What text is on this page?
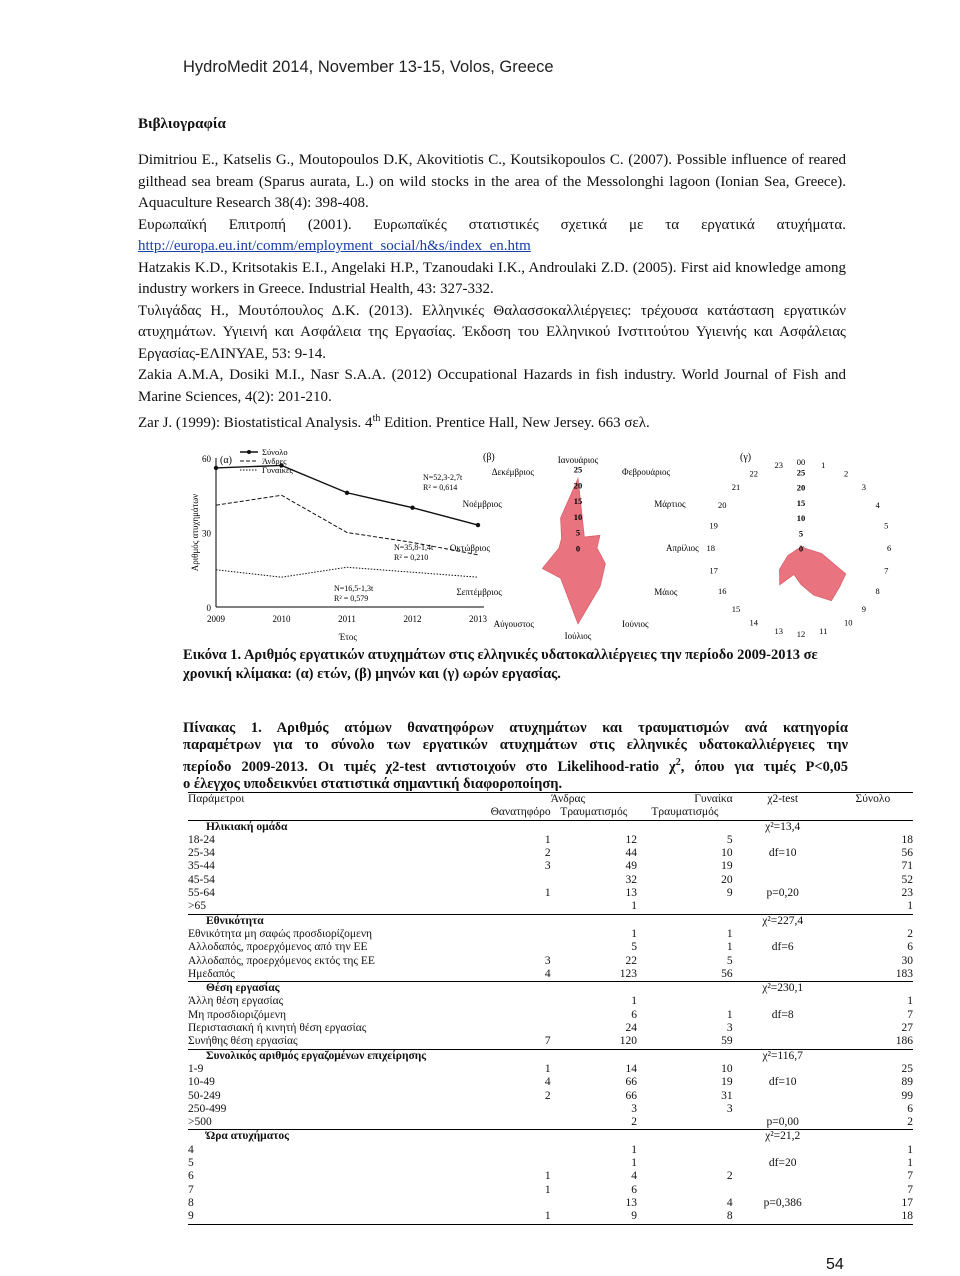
HydroMedit 2014, November 13-15, Volos, Greece
Βιβλιογραφία

Dimitriou E., Katselis G., Moutopoulos D.K, Akovitiotis C., Koutsikopoulos C. (2007). Possible influence of reared gilthead sea bream (Sparus aurata, L.) on wild stocks in the area of the Messolonghi lagoon (Ionian Sea, Greece). Aquaculture Research 38(4): 398-408.

Ευρωπαϊκή Επιτροπή (2001). Ευρωπαϊκές στατιστικές σχετικά με τα εργατικά ατυχήματα.

http://europa.eu.int/comm/employment_social/h&s/index_en.htm

Hatzakis K.D., Kritsotakis E.I., Angelaki H.P., Tzanoudaki I.K., Androulaki Z.D. (2005). First aid knowledge among industry workers in Greece. Industrial Health, 43: 327-332.

Τυλιγάδας Η., Μουτόπουλος Δ.Κ. (2013). Ελληνικές Θαλασσοκαλλιέργειες: τρέχουσα κατάσταση εργατικών ατυχημάτων. Υγιεινή και Ασφάλεια της Εργασίας. Έκδοση του Ελληνικού Ινστιτούτου Υγιεινής και Ασφάλειας Εργασίας-ΕΛΙΝΥΑΕ, 53: 9-14.

Zakia A.M.A, Dosiki M.I., Nasr S.A.A. (2012) Occupational Hazards in fish industry. World Journal of Fish and Marine Sciences, 4(2): 201-210.

Zar J. (1999): Biostatistical Analysis. 4th Edition. Prentice Hall, New Jersey. 663 σελ.

0
30
60
2009	2010	2011	2012	2013
Έτος
Αριθμός ατυχημάτων
(α)
Σύνολο
Άνδρες
Γυναίκες
N=52,3-2,7t
R² = 0,614
N=35,8-1,4t
R² = 0,210
N=16,5-1,3t
R² = 0,579
(β)
0
5
10
15
20
25
Ιανουάριος
Φεβρουάριος
Μάρτιος
Απρίλιος
Μάιος
Ιούνιος
Ιούλιος
Αύγουστος
Σεπτέμβριος
Οκτώβριος
Νοέμβριος
Δεκέμβριος
(γ)
0
5
10
15
20
25
00 1
2
3
4
5
6
7
8
9
10
11
12
13
14
15
16
17
18
19
20
21
22
23
Εικόνα 1. Αριθμός εργατικών ατυχημάτων στις ελληνικές υδατοκαλλιέργειες την περίοδο 2009-2013 σε χρονική κλίμακα: (α) ετών, (β) μηνών και (γ) ωρών εργασίας.
Πίνακας 1. Αριθμός ατόμων θανατηφόρων ατυχημάτων και τραυματισμών ανά κατηγορία
παραμέτρων για το σύνολο των εργατικών ατυχημάτων στις ελληνικές υδατοκαλλιέργειες την
περίοδο 2009-2013. Οι τιμές χ2-test αντιστοιχούν στο Likelihood-ratio $\chi^2$, όπου για τιμές P<0,05
ο έλεγχος υποδεικνύει στατιστικά σημαντική διαφοροποίηση.
Παράμετροι		Άνδρας	Γυναίκα	χ2-test	Σύνολο
	Θανατηφόρο	Τραυματισμός	Τραυματισμός		
Ηλικιακή ομάδα				χ²=13,4	
18-24	1	12	5		18
25-34	2	44	10	df=10	56
35-44	3	49	19		71
45-54		32	20		52
55-64	1	13	9	p=0,20	23
>65		1			1
Εθνικότητα				χ²=227,4	
Εθνικότητα μη σαφώς προσδιορίζομενη		1	1		2
Αλλοδαπός, προερχόμενος από την ΕΕ		5	1	df=6	6
Αλλοδαπός, προερχόμενος εκτός της ΕΕ	3	22	5		30
Ημεδαπός	4	123	56		183
Θέση εργασίας				χ²=230,1	
Άλλη θέση εργασίας		1			1
Μη προσδιοριζόμενη		6	1	df=8	7
Περιστασιακή ή κινητή θέση εργασίας		24	3		27
Συνήθης θέση εργασίας	7	120	59		186
Συνολικός αριθμός εργαζομένων επιχείρησης				χ²=116,7	
1-9	1	14	10		25
10-49	4	66	19	df=10	89
50-249	2	66	31		99
250-499		3	3		6
>500		2		p=0,00	2
Ώρα ατυχήματος				χ²=21,2	
4		1			1
5		1		df=20	1
6	1	4	2		7
7	1	6			7
8		13	4	p=0,386	17
9	1	9	8		18
54
